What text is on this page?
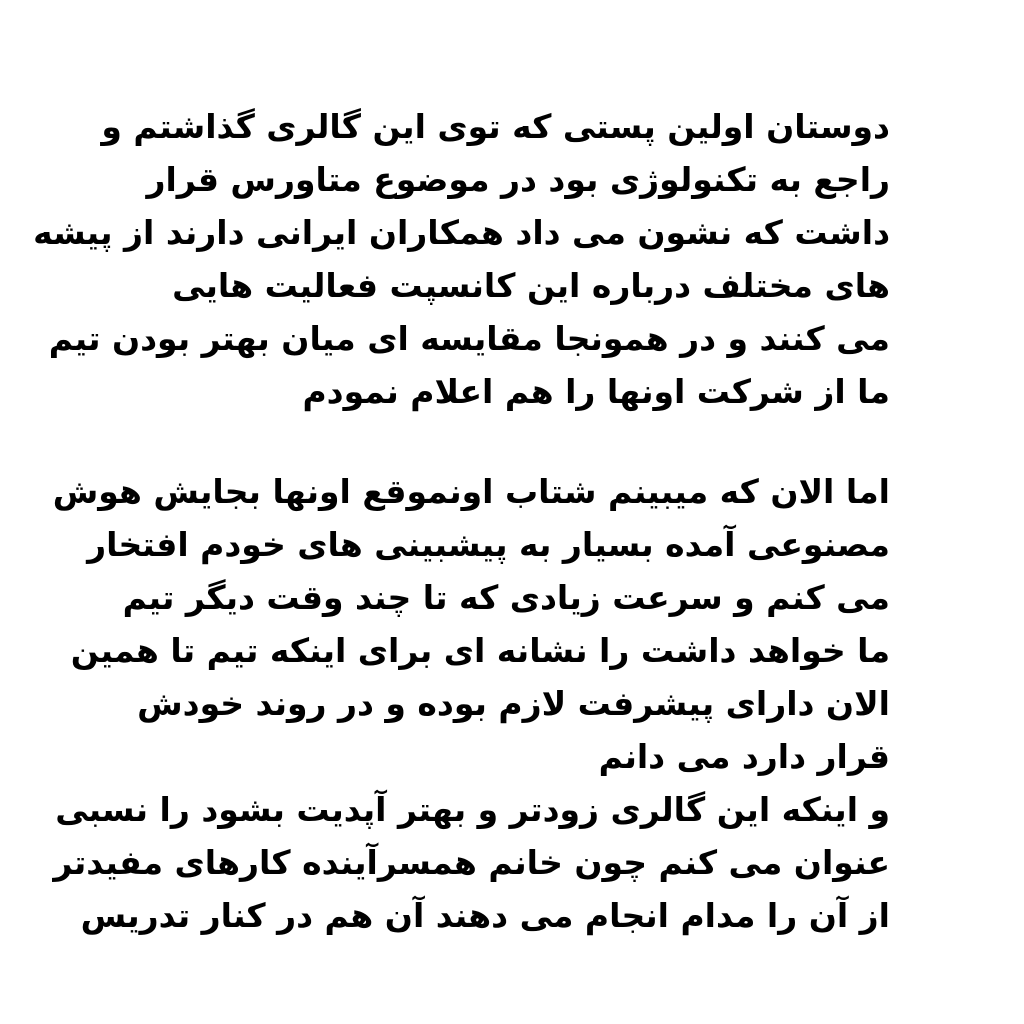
دوستان اولین پستی که توی این گالری گذاشتم و
راجع به تکنولوژی بود در موضوع متاورس قرار
داشت که نشون می داد همکاران ایرانی دارند از پیشه
های مختلف درباره این کانسپت فعالیت هایی
می کنند و در همونجا مقایسه ای میان بهتر بودن تیم
ما از شرکت اونها را هم اعلام نمودم
اما الان که میبینم شتاب اونموقع اونها بجایش هوش
مصنوعی آمده بسیار به پیشبینی های خودم افتخار
می کنم و سرعت زیادی که تا چند وقت دیگر تیم
ما خواهد داشت را نشانه ای برای اینکه تیم تا همین
الان دارای پیشرفت لازم بوده و در روند خودش
قرار دارد می دانم
و اینکه این گالری زودتر و بهتر آپدیت بشود را نسبی
عنوان می کنم چون خانم همسرآینده کارهای مفیدتر
از آن را مدام انجام می دهند آن هم در کنار تدریس
